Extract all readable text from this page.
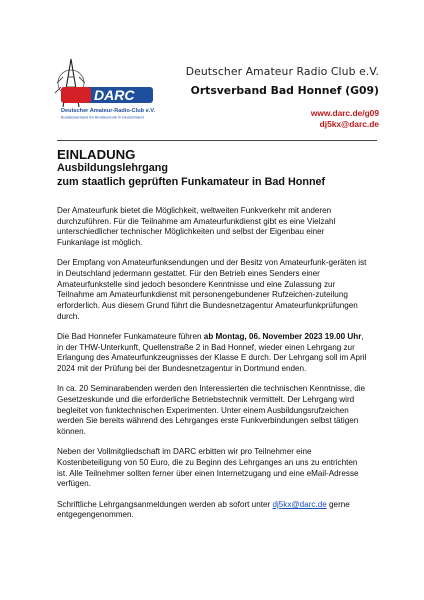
DARC
Deutscher Amateur-Radio-Club e.V.
Bundesverband für Amateurfunk in Deutschland
Deutscher Amateur Radio Club e.V.
Ortsverband Bad Honnef (G09)
www.darc.de/g09
dj5kx@darc.de
EINLADUNG
Ausbildungslehrgang
zum staatlich geprüften Funkamateur in Bad Honnef

Der Amateurfunk bietet die Möglichkeit, weltweiten Funkverkehr mit anderen durchzuführen. Für die Teilnahme am Amateurfunkdienst gibt es eine Vielzahl unterschiedlicher technischer Möglichkeiten und selbst der Eigenbau einer Funkanlage ist möglich.

Der Empfang von Amateurfunksendungen und der Besitz von Amateurfunk-geräten ist in Deutschland jedermann gestattet. Für den Betrieb eines Senders einer Amateurfunkstelle sind jedoch besondere Kenntnisse und eine Zulassung zur Teilnahme am Amateurfunkdienst mit personengebundener Rufzeichen-zuteilung erforderlich. Aus diesem Grund führt die Bundesnetzagentur Amateurfunkprüfungen durch.

Die Bad Honnefer Funkamateure führen ab Montag, 06. November 2023 19.00 Uhr, in der THW-Unterkunft, Quellenstraße 2 in Bad Honnef, wieder einen Lehrgang zur Erlangung des Amateurfunkzeugnisses der Klasse E durch. Der Lehrgang soll im April 2024 mit der Prüfung bei der Bundesnetzagentur in Dortmund enden.

In ca. 20 Seminarabenden werden den Interessierten die technischen Kenntnisse, die Gesetzeskunde und die erforderliche Betriebstechnik vermittelt. Der Lehrgang wird begleitet von funktechnischen Experimenten. Unter einem Ausbildungsrufzeichen werden Sie bereits während des Lehrganges erste Funkverbindungen selbst tätigen können.

Neben der Vollmitgliedschaft im DARC erbitten wir pro Teilnehmer eine Kostenbeteiligung von 50 Euro, die zu Beginn des Lehrganges an uns zu entrichten ist. Alle Teilnehmer sollten ferner über einen Internetzugang und eine eMail-Adresse verfügen.

Schriftliche Lehrgangsanmeldungen werden ab sofort unter dj5kx@darc.de gerne entgegengenommen.
